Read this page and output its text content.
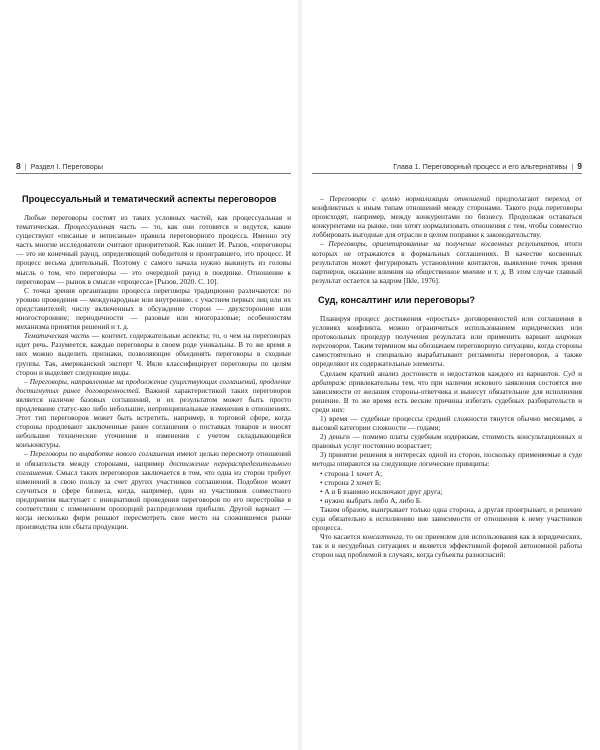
8 | Раздел I. Переговоры
Процессуальный и тематический аспекты переговоров

Любые переговоры состоят из таких условных частей, как процессуальная и тематическая. Процессуальная часть — то, как они готовятся и ведутся, какие существуют «писаные и неписаные» правила переговорного процесса. Именно эту часть многие исследователи считают приоритетной. Как пишет И. Рызов, «переговоры — это не конечный раунд, определяющий победителя и проигравшего, это процесс. И процесс весьма длительный. Поэтому с самого начала нужно выкинуть из головы мысль о том, что переговоры — это очередной раунд в поединке. Отношение к переговорам — рынок в смысле «процесса» [Рызов, 2020. С. 10].

С точки зрения организации процесса переговоры традиционно различаются: по уровню проведения — международные или внутренние, с участием первых лиц или их представителей; числу включенных в обсуждение сторон — двухсторонние или многосторонние; периодичности — разовые или многоразовые; особенностям механизма принятия решений и т. д.

Тематическая часть — контент, содержательные аспекты; то, о чем на переговорах идет речь. Разумеется, каждые переговоры в своем роде уникальны. В то же время в них можно выделить признаки, позволяющие объединять переговоры в сходные группы. Так, американский эксперт Ч. Икле классифицирует переговоры по целям сторон и выделяет следующие виды.

– Переговоры, направленные на продолжение существующих соглашений, продление достигнутых ранее договоренностей. Важной характеристикой таких переговоров является наличие базовых соглашений, и их результатом может быть просто продлевание статус-кво либо небольшие, непринципиальные изменения в отношениях. Этот тип переговоров может быть встретить, например, в торговой сфере, когда стороны продлевают заключенные ранее соглашения о поставках товаров и вносят небольшие технические уточнения и изменения с учетом складывающейся конъюнктуры.

– Переговоры по выработке нового соглашения имеют целью пересмотр отношений и обязательств между сторонами, например достижение перераспределительного соглашения. Смысл таких переговоров заключается в том, что одна из сторон требует изменений в свою пользу за счет других участников соглашения. Подобное может случиться в сфере бизнеса, когда, например, один из участников совместного предприятия выступает с инициативой проведения переговоров по его перестройке в соответствии с изменением пропорций распределения прибыли. Другой вариант — когда несколько фирм решают пересмотреть свое место на сложившемся рынке производства или сбыта продукции.

Глава 1. Переговорный процесс и его альтернативы | 9

– Переговоры с целью нормализации отношений предполагают переход от конфликтных к иным типам отношений между сторонами. Такого рода переговоры происходят, например, между конкурентами по бизнесу. Продолжая оставаться конкурентами на рынке, они хотят нормализовать отношения с тем, чтобы совместно лоббировать выгодные для отрасли в целом поправки к законодательству.

– Переговоры, ориентированные на получение косвенных результатов, итоги которых не отражаются в формальных соглашениях. В качестве косвенных результатов может фигурировать установление контактов, выявление точек зрения партнеров, оказание влияния на общественное мнение и т. д. В этом случае главный результат остается за кадром [Ikle, 1976].

Суд, консалтинг или переговоры?

Планируя процесс достижения «простых» договоренностей или соглашения в условиях конфликта, можно ограничиться использованием юридических или протокольных процедур получения результата или применить вариант широких переговоров. Таким термином мы обозначаем переговорную ситуацию, когда стороны самостоятельно и специально вырабатывают регламенты переговоров, а также определяют их содержательные элементы.

Сделаем краткий анализ достоинств и недостатков каждого из вариантов. Суд и арбитраж привлекательны тем, что при наличии искового заявления состоятся вне зависимости от желания стороны-ответчика и вынесут обязательное для исполнения решение. В то же время есть веские причины избегать судебных разбирательств и среди них:

1) время — судебные процессы средней сложности тянутся обычно месяцами, а высокой категории сложности — годами;

2) деньги — помимо платы судебным издержкам, стоимость консультационных и правовых услуг постоянно возрастает;

3) принятие решения в интересах одной из сторон, поскольку применяемые в суде методы опираются на следующие логические принципы:

• сторона 1 хочет А;

• сторона 2 хочет Б;

• А и Б взаимно исключают друг друга;

• нужно выбрать либо А, либо Б.

Таким образом, выигрывает только одна сторона, а другая проигрывает, и решение суда обязательно к исполнению вне зависимости от отношения к нему участников процесса.

Что касается консалтинга, то он приемлем для использования как в юридических, так и в несудебных ситуациях и является эффективной формой автономной работы сторон над проблемой в случаях, когда субъекты разногласий:
